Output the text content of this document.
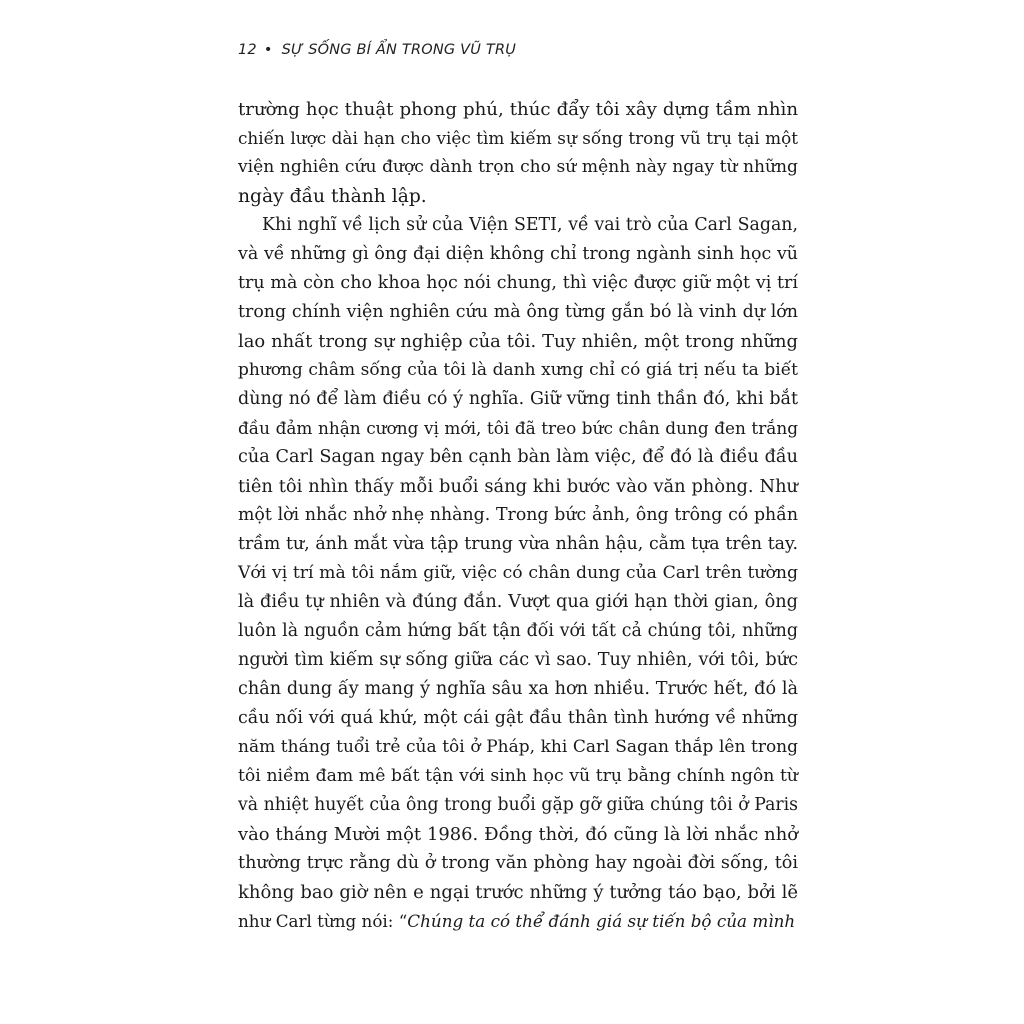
12 • SỰ SỐNG BÍ ẨN TRONG VŨ TRỤ
trường học thuật phong phú, thúc đẩy tôi xây dựng tầm nhìn
chiến lược dài hạn cho việc tìm kiếm sự sống trong vũ trụ tại một
viện nghiên cứu được dành trọn cho sứ mệnh này ngay từ những
ngày đầu thành lập.
Khi nghĩ về lịch sử của Viện SETI, về vai trò của Carl Sagan,
và về những gì ông đại diện không chỉ trong ngành sinh học vũ
trụ mà còn cho khoa học nói chung, thì việc được giữ một vị trí
trong chính viện nghiên cứu mà ông từng gắn bó là vinh dự lớn
lao nhất trong sự nghiệp của tôi. Tuy nhiên, một trong những
phương châm sống của tôi là danh xưng chỉ có giá trị nếu ta biết
dùng nó để làm điều có ý nghĩa. Giữ vững tinh thần đó, khi bắt
đầu đảm nhận cương vị mới, tôi đã treo bức chân dung đen trắng
của Carl Sagan ngay bên cạnh bàn làm việc, để đó là điều đầu
tiên tôi nhìn thấy mỗi buổi sáng khi bước vào văn phòng. Như
một lời nhắc nhở nhẹ nhàng. Trong bức ảnh, ông trông có phần
trầm tư, ánh mắt vừa tập trung vừa nhân hậu, cằm tựa trên tay.
Với vị trí mà tôi nắm giữ, việc có chân dung của Carl trên tường
là điều tự nhiên và đúng đắn. Vượt qua giới hạn thời gian, ông
luôn là nguồn cảm hứng bất tận đối với tất cả chúng tôi, những
người tìm kiếm sự sống giữa các vì sao. Tuy nhiên, với tôi, bức
chân dung ấy mang ý nghĩa sâu xa hơn nhiều. Trước hết, đó là
cầu nối với quá khứ, một cái gật đầu thân tình hướng về những
năm tháng tuổi trẻ của tôi ở Pháp, khi Carl Sagan thắp lên trong
tôi niềm đam mê bất tận với sinh học vũ trụ bằng chính ngôn từ
và nhiệt huyết của ông trong buổi gặp gỡ giữa chúng tôi ở Paris
vào tháng Mười một 1986. Đồng thời, đó cũng là lời nhắc nhở
thường trực rằng dù ở trong văn phòng hay ngoài đời sống, tôi
không bao giờ nên e ngại trước những ý tưởng táo bạo, bởi lẽ
như Carl từng nói: “Chúng ta có thể đánh giá sự tiến bộ của mình
